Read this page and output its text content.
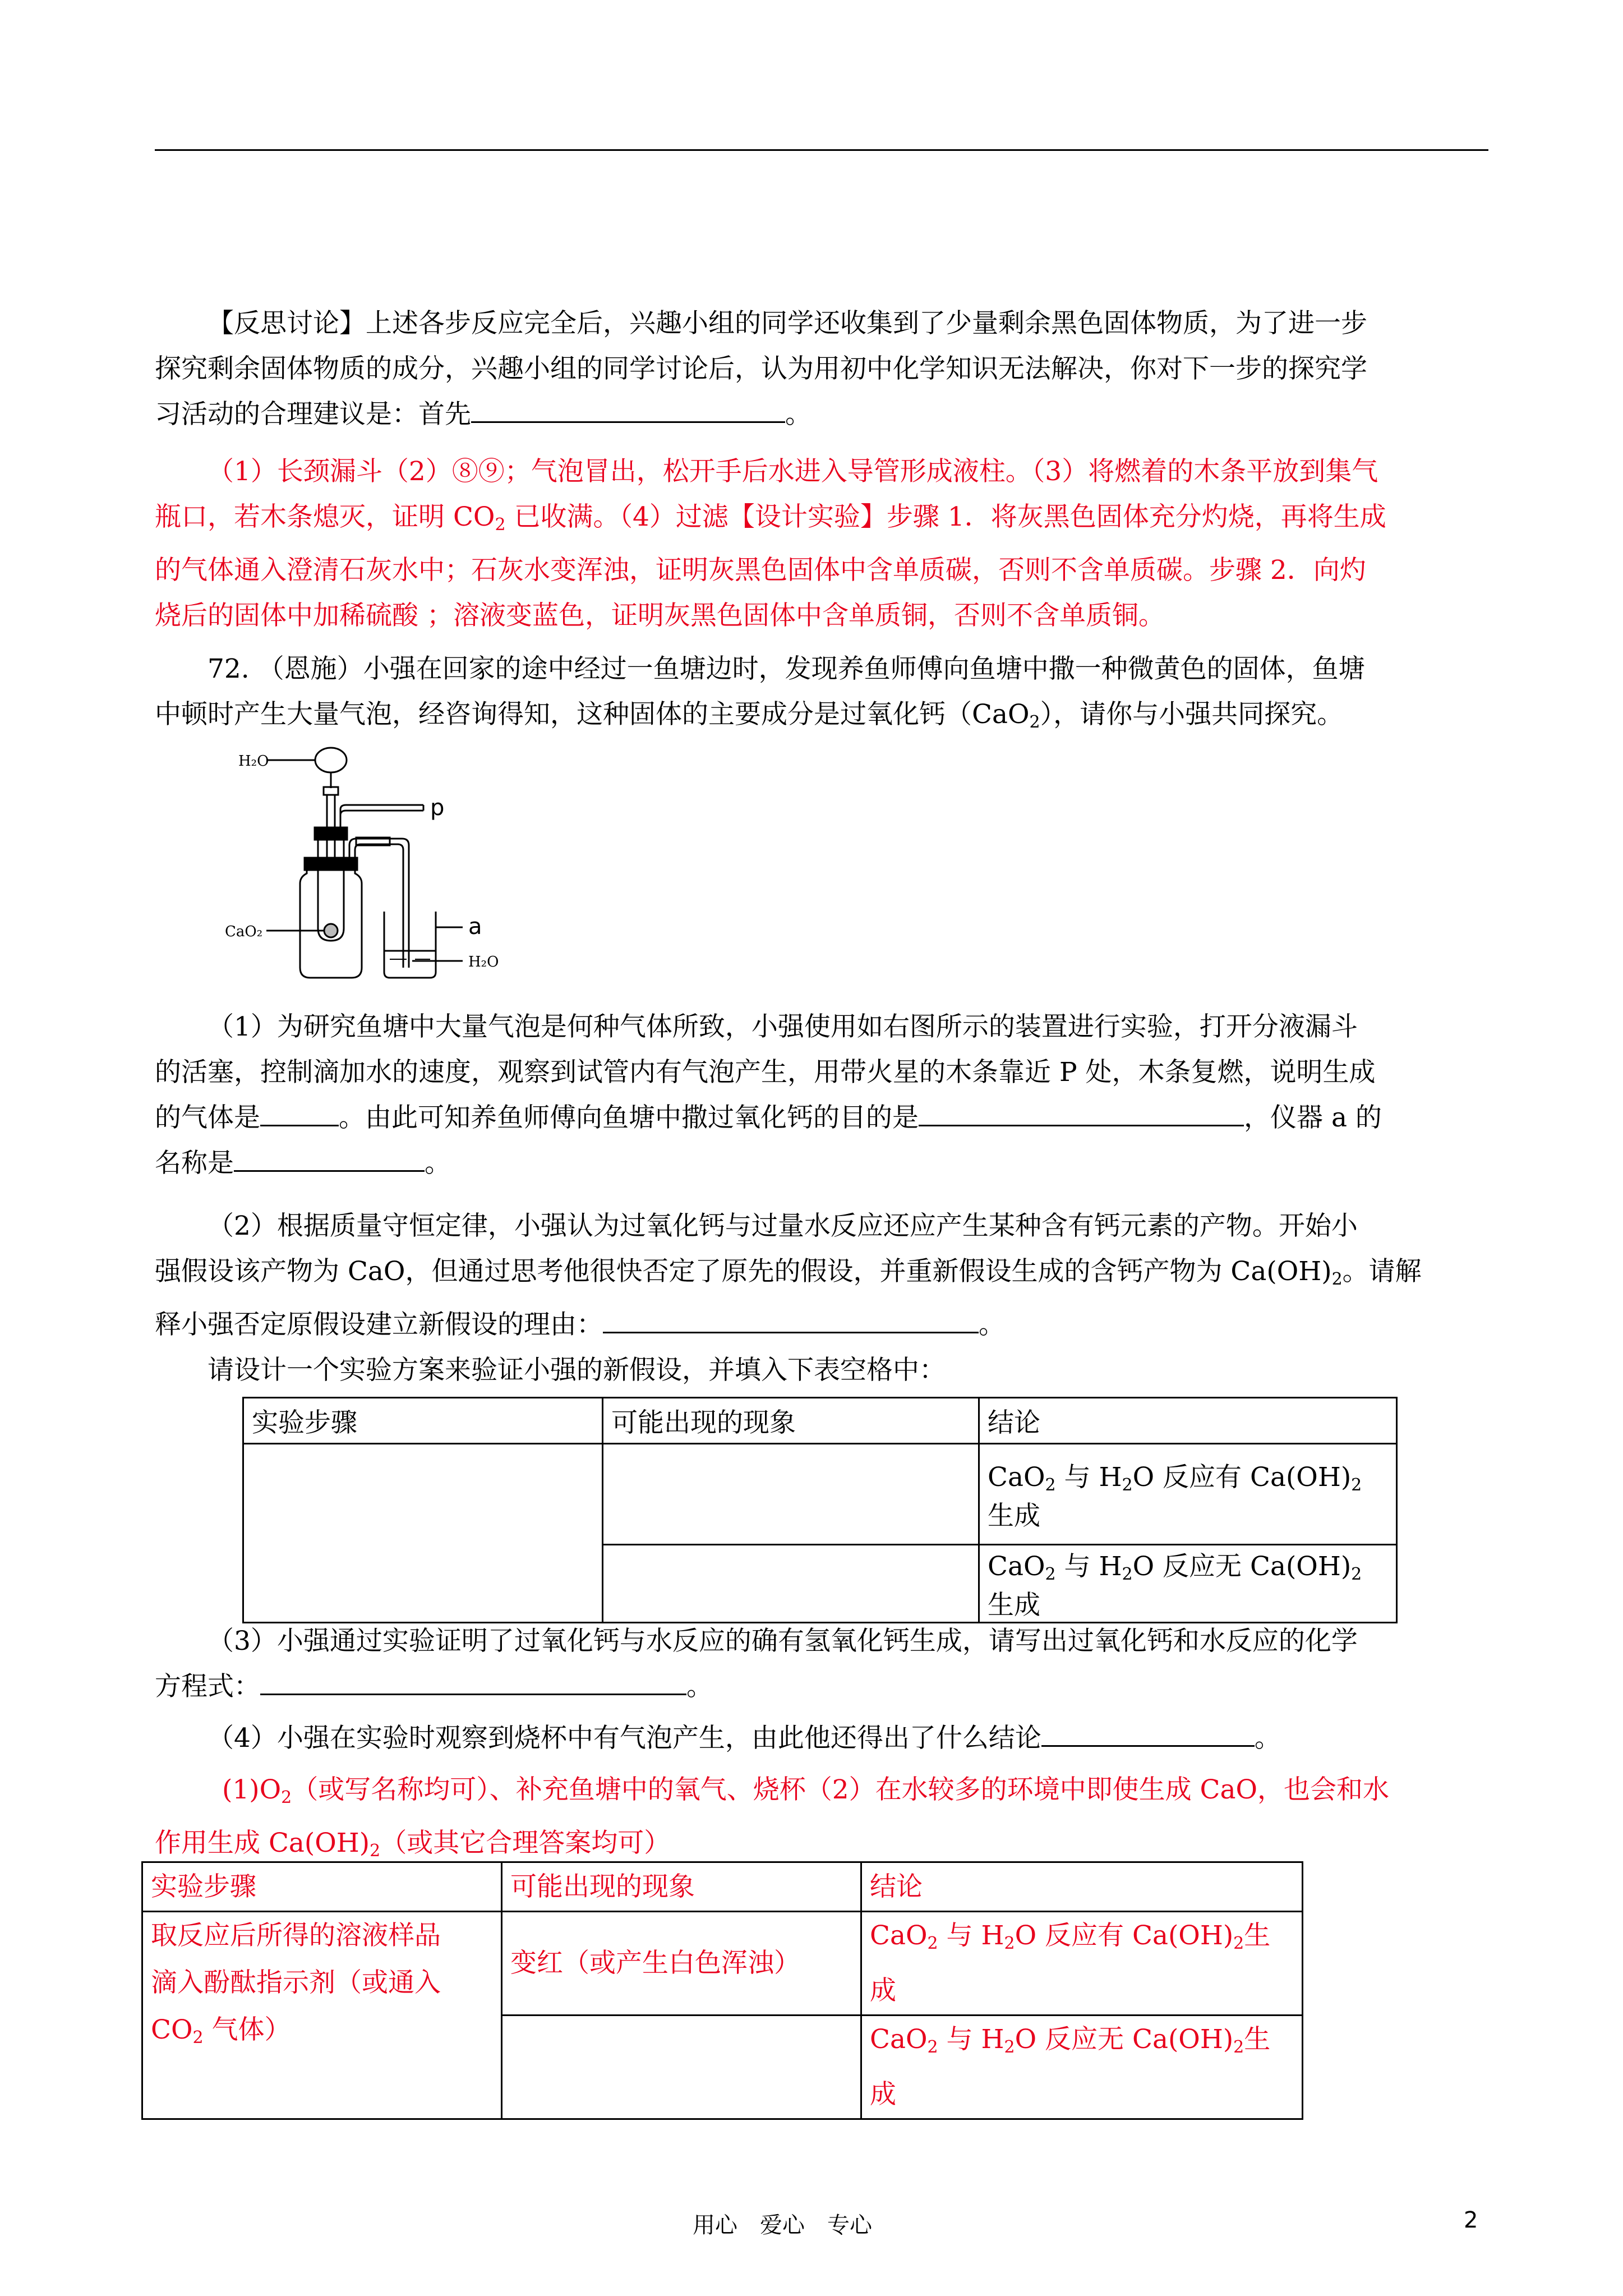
【反思讨论】上述各步反应完全后，兴趣小组的同学还收集到了少量剩余黑色固体物质，为了进一步
探究剩余固体物质的成分，兴趣小组的同学讨论后，认为用初中化学知识无法解决，你对下一步的探究学
习活动的合理建议是：首先	。
（1）长颈漏斗（2）⑧⑨；气泡冒出，松开手后水进入导管形成液柱。（3）将燃着的木条平放到集气
瓶口，若木条熄灭，证明 $CO_2$ 已收满。（4）过滤【设计实验】步骤 1．将灰黑色固体充分灼烧，再将生成
的气体通入澄清石灰水中；石灰水变浑浊，证明灰黑色固体中含单质碳，否则不含单质碳。步骤 2．向灼
烧后的固体中加稀硫酸 ；溶液变蓝色，证明灰黑色固体中含单质铜，否则不含单质铜。
72. （恩施）小强在回家的途中经过一鱼塘边时，发现养鱼师傅向鱼塘中撒一种微黄色的固体，鱼塘
中顿时产生大量气泡，经咨询得知，这种固体的主要成分是过氧化钙（CaO$_2$），请你与小强共同探究。
H₂O
p
a
CaO₂
H₂O
（1）为研究鱼塘中大量气泡是何种气体所致，小强使用如右图所示的装置进行实验，打开分液漏斗
的活塞，控制滴加水的速度，观察到试管内有气泡产生，用带火星的木条靠近 P 处，木条复燃，说明生成
的气体是	。由此可知养鱼师傅向鱼塘中撒过氧化钙的目的是	，仪器 a 的
名称是	。
（2）根据质量守恒定律，小强认为过氧化钙与过量水反应还应产生某种含有钙元素的产物。开始小
强假设该产物为 CaO，但通过思考他很快否定了原先的假设，并重新假设生成的含钙产物为 $Ca(OH)_2$。请解
释小强否定原假设建立新假设的理由：	。
请设计一个实验方案来验证小强的新假设，并填入下表空格中：
实验步骤	可能出现的现象	结论
		CaO$_2$ 与 $H_2O$ 反应有 $Ca(OH)_2$生成
		CaO$_2$ 与 $H_2O$ 反应无 $Ca(OH)_2$生成
（3）小强通过实验证明了过氧化钙与水反应的确有氢氧化钙生成，请写出过氧化钙和水反应的化学
方程式：	。
（4）小强在实验时观察到烧杯中有气泡产生，由此他还得出了什么结论	。
$(1)O_2$（或写名称均可）、补充鱼塘中的氧气、烧杯（2）在水较多的环境中即使生成 CaO，也会和水
作用生成 $Ca(OH)_2$（或其它合理答案均可）
实验步骤	可能出现的现象	结论

取反应后所得的溶液样品
滴入酚酞指示剂（或通入
$CO_2$ 气体）	变红（或产生白色浑浊）	CaO$_2$ 与 $H_2O$ 反应有 $Ca(OH)_2$生成
		CaO$_2$ 与 $H_2O$ 反应无 $Ca(OH)_2$生成
用心　爱心　专心	2
